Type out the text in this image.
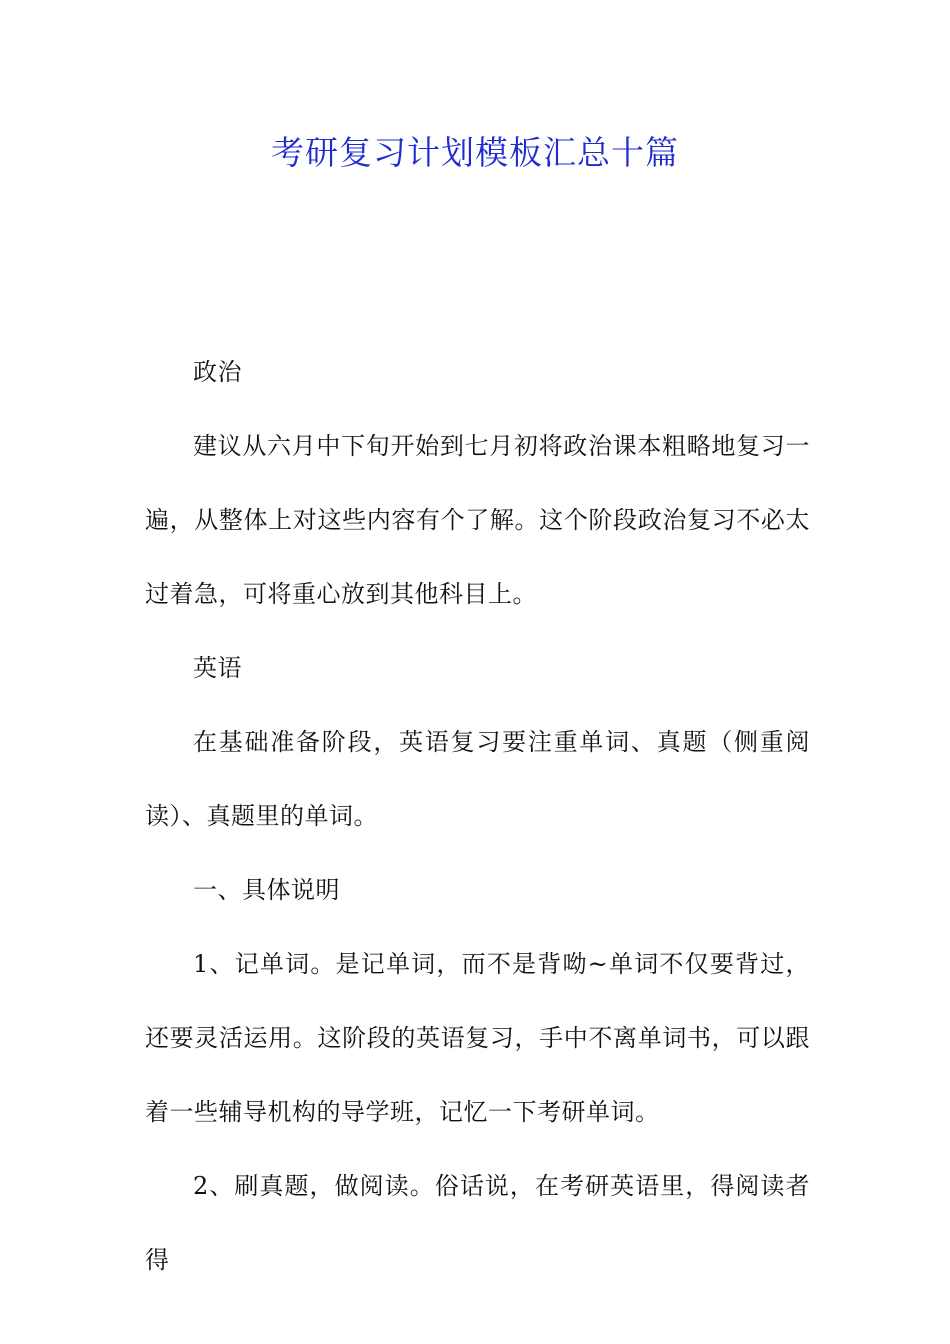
考研复习计划模板汇总十篇

政治

建议从六月中下旬开始到七月初将政治课本粗略地复习一遍，从整体上对这些内容有个了解。这个阶段政治复习不必太过着急，可将重心放到其他科目上。

英语

在基础准备阶段，英语复习要注重单词、真题（侧重阅读）、真题里的单词。

一、具体说明

1、记单词。是记单词，而不是背呦~单词不仅要背过，还要灵活运用。这阶段的英语复习，手中不离单词书，可以跟着一些辅导机构的导学班，记忆一下考研单词。

2、刷真题，做阅读。俗话说，在考研英语里，得阅读者得
